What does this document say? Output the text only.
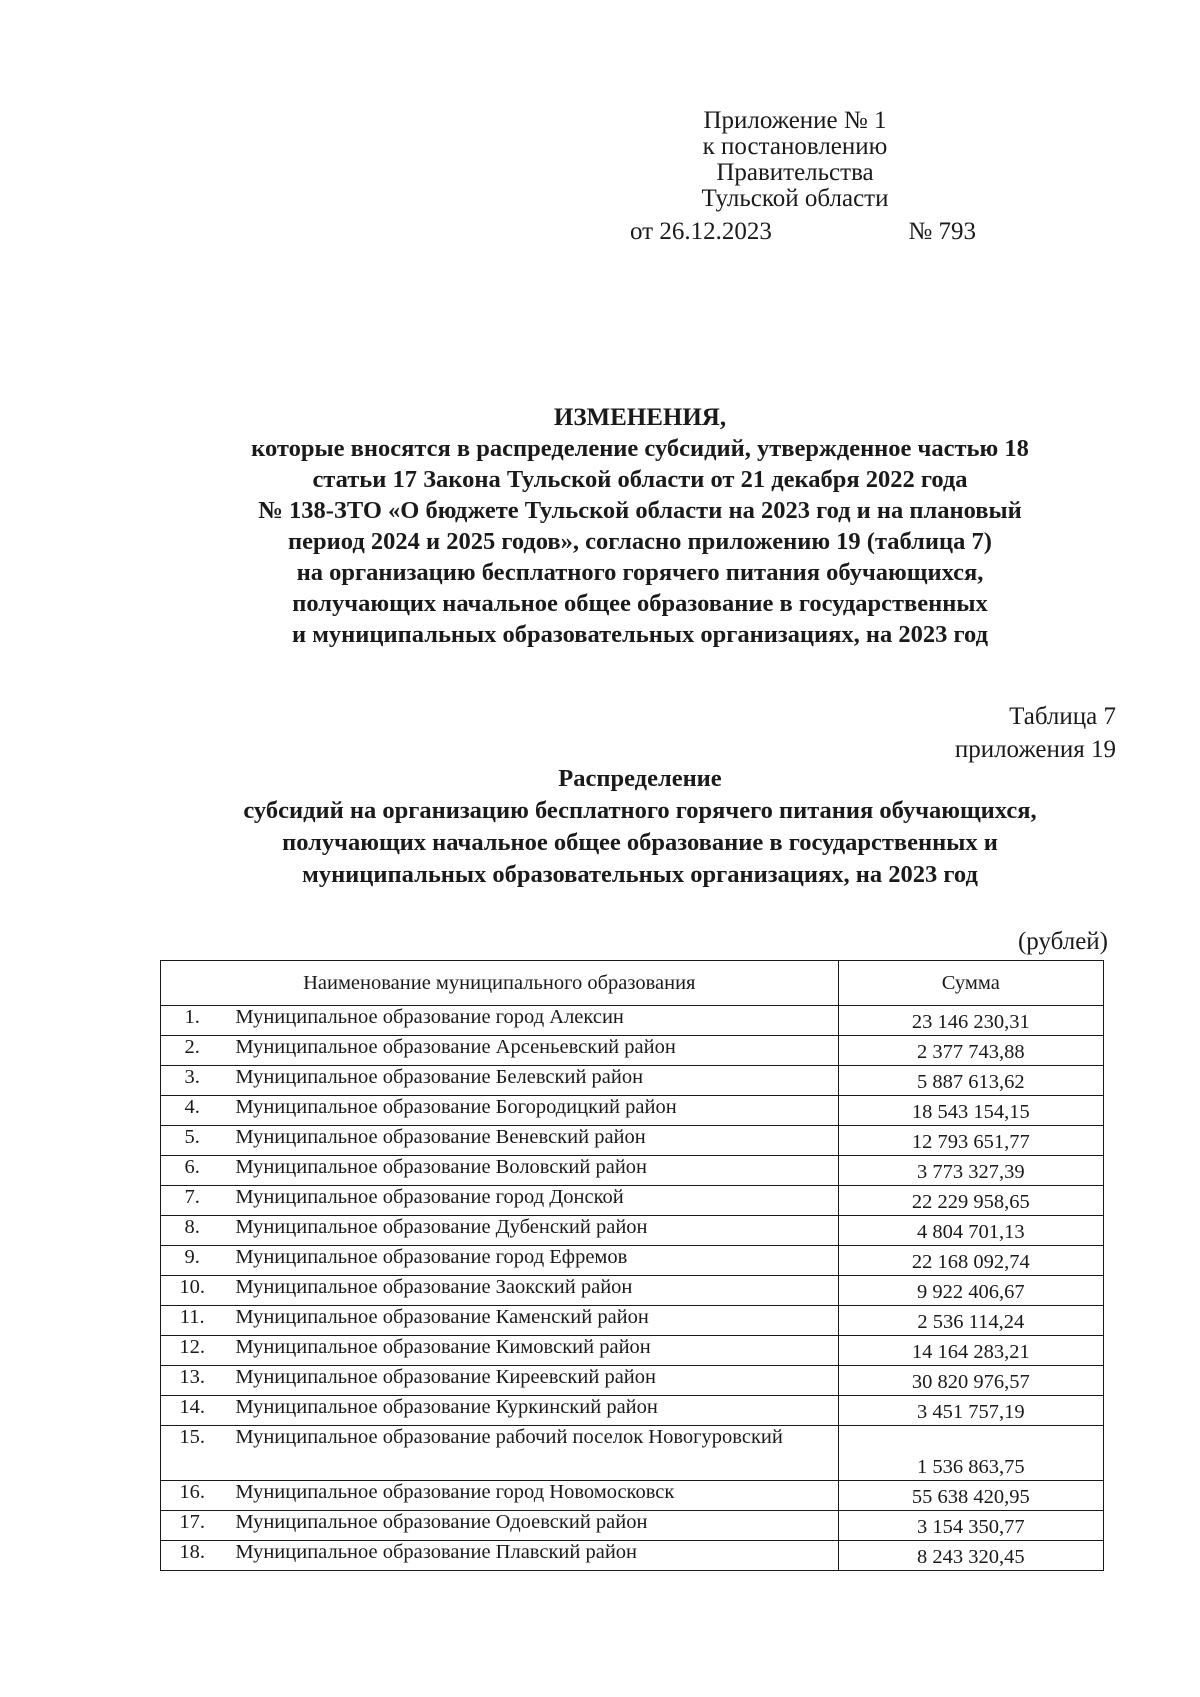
Приложение № 1
к постановлению Правительства
Тульской области
от 26.12.2023	№ 793
ИЗМЕНЕНИЯ,
которые вносятся в распределение субсидий, утвержденное частью 18
статьи 17 Закона Тульской области от 21 декабря 2022 года
№ 138-ЗТО «О бюджете Тульской области на 2023 год и на плановый
период 2024 и 2025 годов», согласно приложению 19 (таблица 7)
на организацию бесплатного горячего питания обучающихся,
получающих начальное общее образование в государственных
и муниципальных образовательных организациях, на 2023 год
Таблица 7
приложения 19
Распределение
субсидий на организацию бесплатного горячего питания обучающихся,
получающих начальное общее образование в государственных и
муниципальных образовательных организациях, на 2023 год
(рублей)
Наименование муниципального образования		Сумма
1.	Муниципальное образование город Алексин	23 146 230,31
2.	Муниципальное образование Арсеньевский район	2 377 743,88
3.	Муниципальное образование Белевский район	5 887 613,62
4.	Муниципальное образование Богородицкий район	18 543 154,15
5.	Муниципальное образование Веневский район	12 793 651,77
6.	Муниципальное образование Воловский район	3 773 327,39
7.	Муниципальное образование город Донской	22 229 958,65
8.	Муниципальное образование Дубенский район	4 804 701,13
9.	Муниципальное образование город Ефремов	22 168 092,74
10.	Муниципальное образование Заокский район	9 922 406,67
11.	Муниципальное образование Каменский район	2 536 114,24
12.	Муниципальное образование Кимовский район	14 164 283,21
13.	Муниципальное образование Киреевский район	30 820 976,57
14.	Муниципальное образование Куркинский район	3 451 757,19
15.	Муниципальное образование рабочий поселок Новогуровский	1 536 863,75
16.	Муниципальное образование город Новомосковск	55 638 420,95
17.	Муниципальное образование Одоевский район	3 154 350,77
18.	Муниципальное образование Плавский район	8 243 320,45
